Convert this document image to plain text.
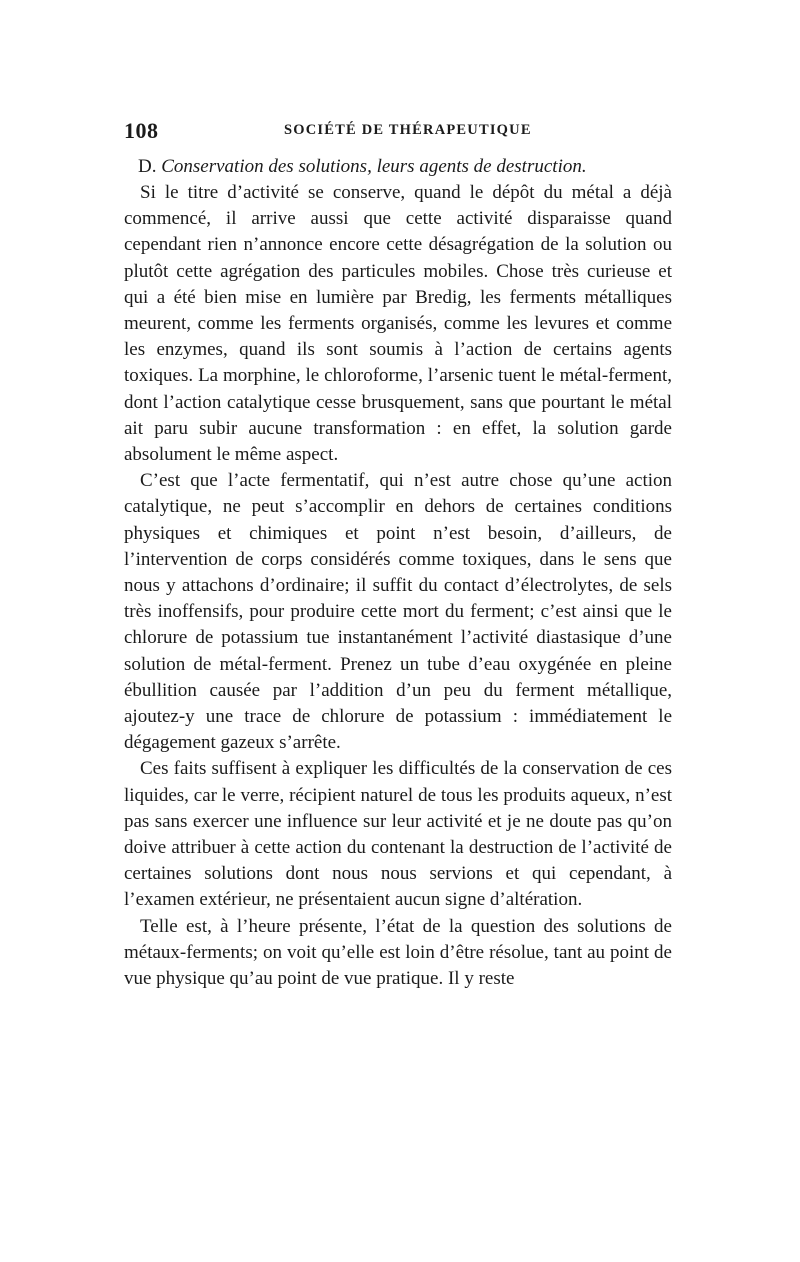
108	SOCIÉTÉ DE THÉRAPEUTIQUE
D. Conservation des solutions, leurs agents de destruction.

Si le titre d’activité se conserve, quand le dépôt du métal a déjà commencé, il arrive aussi que cette activité disparaisse quand cependant rien n’annonce encore cette désagrégation de la solution ou plutôt cette agrégation des particules mobiles. Chose très curieuse et qui a été bien mise en lumière par Bredig, les ferments métalliques meurent, comme les ferments organisés, comme les levures et comme les enzymes, quand ils sont soumis à l’action de certains agents toxiques. La morphine, le chloroforme, l’arsenic tuent le métal-ferment, dont l’action catalytique cesse brusquement, sans que pourtant le métal ait paru subir aucune transformation : en effet, la solution garde absolument le même aspect.

C’est que l’acte fermentatif, qui n’est autre chose qu’une action catalytique, ne peut s’accomplir en dehors de certaines conditions physiques et chimiques et point n’est besoin, d’ailleurs, de l’intervention de corps considérés comme toxiques, dans le sens que nous y attachons d’ordinaire; il suffit du contact d’électrolytes, de sels très inoffensifs, pour produire cette mort du ferment; c’est ainsi que le chlorure de potassium tue instantanément l’activité diastasique d’une solution de métal-ferment. Prenez un tube d’eau oxygénée en pleine ébullition causée par l’addition d’un peu du ferment métallique, ajoutez-y une trace de chlorure de potassium : immédiatement le dégagement gazeux s’arrête.

Ces faits suffisent à expliquer les difficultés de la conservation de ces liquides, car le verre, récipient naturel de tous les produits aqueux, n’est pas sans exercer une influence sur leur activité et je ne doute pas qu’on doive attribuer à cette action du contenant la destruction de l’activité de certaines solutions dont nous nous servions et qui cependant, à l’examen extérieur, ne présentaient aucun signe d’altération.

Telle est, à l’heure présente, l’état de la question des solutions de métaux-ferments; on voit qu’elle est loin d’être résolue, tant au point de vue physique qu’au point de vue pratique. Il y reste
